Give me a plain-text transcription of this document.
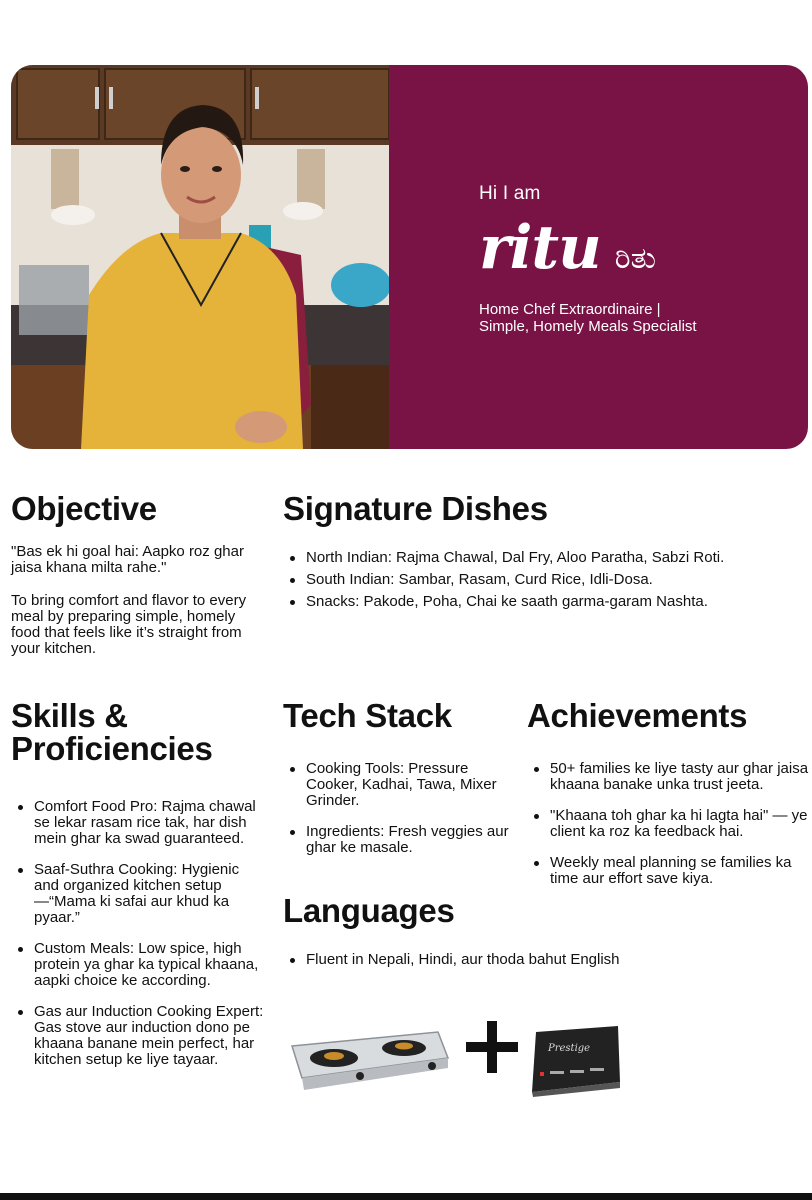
Hi I am
ritu ರಿತು
Home Chef Extraordinaire |
Simple, Homely Meals Specialist
Objective
"Bas ek hi goal hai: Aapko roz ghar jaisa khana milta rahe."
To bring comfort and flavor to every meal by preparing simple, homely food that feels like it’s straight from your kitchen.
Signature Dishes
North Indian: Rajma Chawal, Dal Fry, Aloo Paratha, Sabzi Roti.
South Indian: Sambar, Rasam, Curd Rice, Idli-Dosa.
Snacks: Pakode, Poha, Chai ke saath garma-garam Nashta.
Skills &
Proficiencies
Comfort Food Pro: Rajma chawal se lekar rasam rice tak, har dish mein ghar ka swad guaranteed.
Saaf-Suthra Cooking: Hygienic and organized kitchen setup —“Mama ki safai aur khud ka pyaar.”
Custom Meals: Low spice, high protein ya ghar ka typical khaana, aapki choice ke according.
Gas aur Induction Cooking Expert: Gas stove aur induction dono pe khaana banane mein perfect, har kitchen setup ke liye tayaar.
Tech Stack
Cooking Tools: Pressure Cooker, Kadhai, Tawa, Mixer Grinder.
Ingredients: Fresh veggies aur ghar ke masale.
Achievements
50+ families ke liye tasty aur ghar jaisa khaana banake unka trust jeeta.
"Khaana toh ghar ka hi lagta hai" — ye client ka roz ka feedback hai.
Weekly meal planning se families ka time aur effort save kiya.
Languages
Fluent in Nepali, Hindi, aur thoda bahut English
Prestige
